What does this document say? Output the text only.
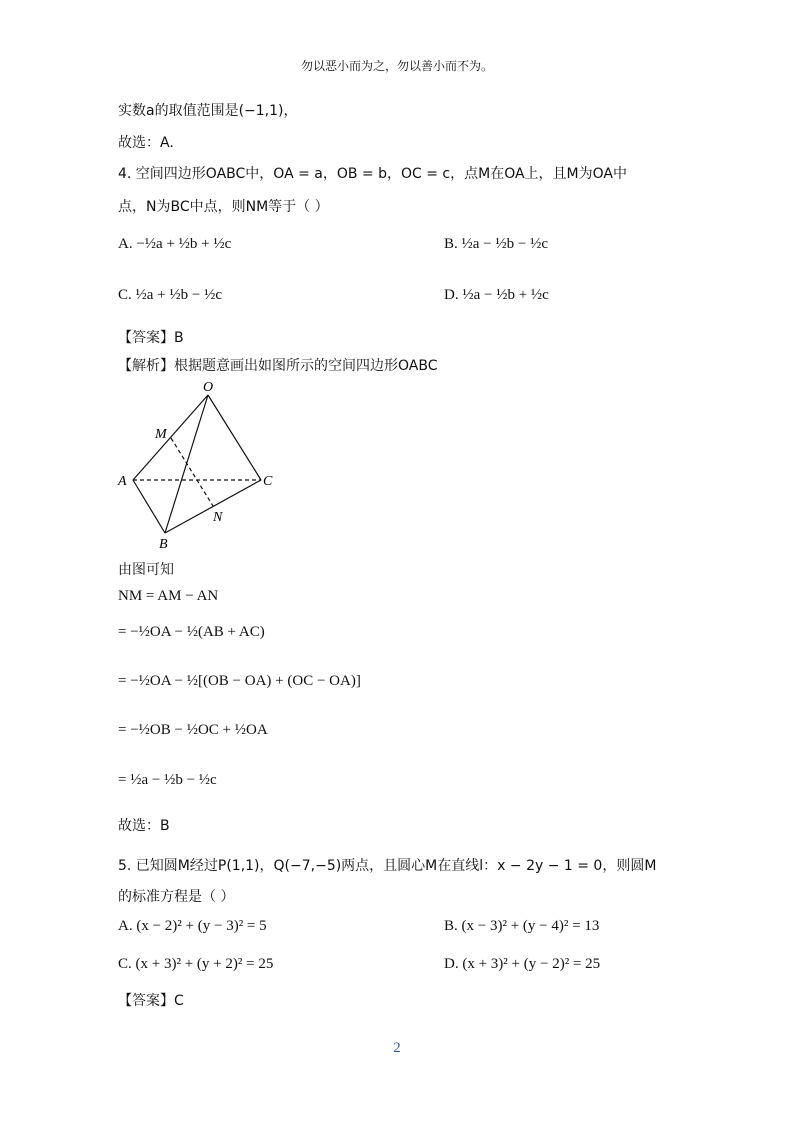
勿以恶小而为之，勿以善小而不为。
实数a的取值范围是(−1,1)，
故选：A.
4. 空间四边形OABC中，OA = a，OB = b，OC = c，点M在OA上，且M为OA中
点，N为BC中点，则NM等于（ ）
A. −½a + ½b + ½c	B. ½a − ½b − ½c
C. ½a + ½b − ½c	D. ½a − ½b + ½c
【答案】B
【解析】根据题意画出如图所示的空间四边形OABC
O
A
B
C
M
N
由图可知
NM = AM − AN
= −½OA − ½(AB + AC)
= −½OA − ½[(OB − OA) + (OC − OA)]
= −½OB − ½OC + ½OA
= ½a − ½b − ½c
故选：B
5. 已知圆M经过P(1,1)，Q(−7,−5)两点，且圆心M在直线l：x − 2y − 1 = 0，则圆M
的标准方程是（ ）
A. (x − 2)² + (y − 3)² = 5	B. (x − 3)² + (y − 4)² = 13
C. (x + 3)² + (y + 2)² = 25	D. (x + 3)² + (y − 2)² = 25
【答案】C
2
